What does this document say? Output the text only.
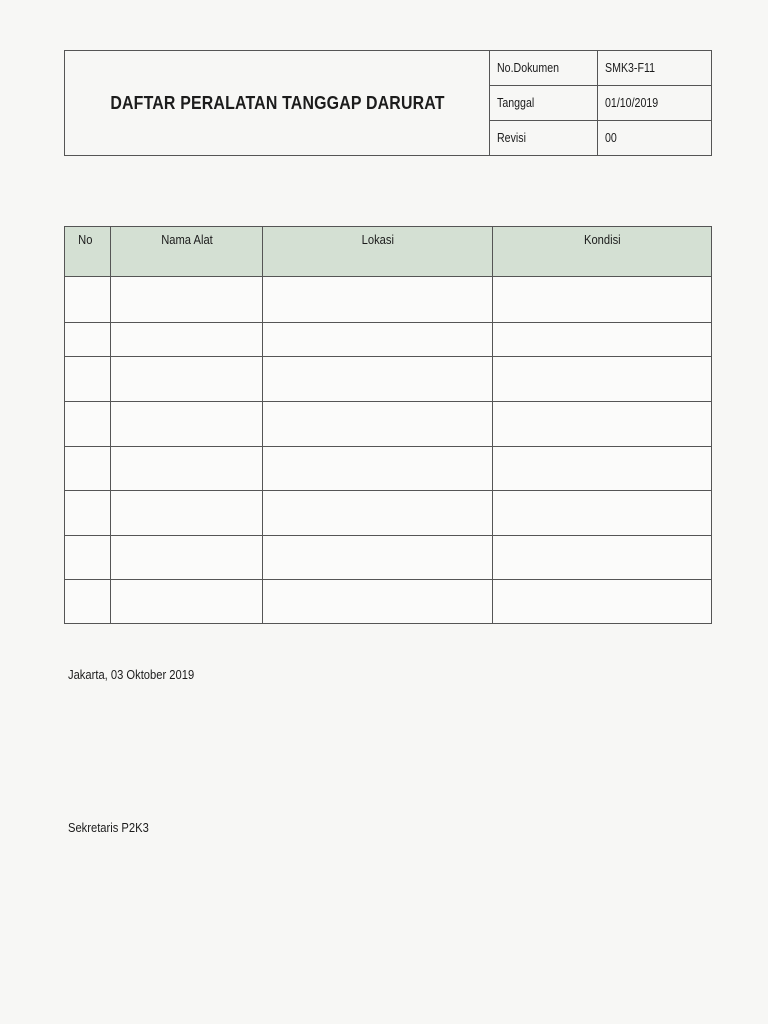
DAFTAR PERALATAN TANGGAP DARURAT	No.Dokumen	SMK3-F11
	Tanggal	01/10/2019
	Revisi	00
No	Nama Alat	Lokasi	Kondisi

Jakarta, 03 Oktober 2019
Sekretaris P2K3
